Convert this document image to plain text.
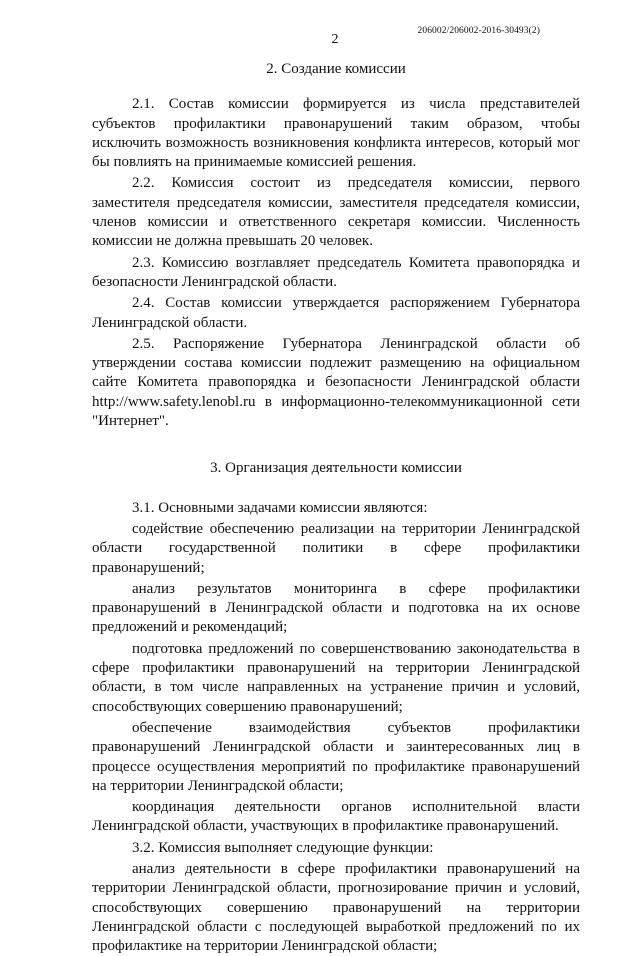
206002/206002-2016-30493(2)
2
2. Создание комиссии

2.1. Состав комиссии формируется из числа представителей субъектов профилактики правонарушений таким образом, чтобы исключить возможность возникновения конфликта интересов, который мог бы повлиять на принимаемые комиссией решения.

2.2. Комиссия состоит из председателя комиссии, первого заместителя председателя комиссии, заместителя председателя комиссии, членов комиссии и ответственного секретаря комиссии. Численность комиссии не должна превышать 20 человек.

2.3. Комиссию возглавляет председатель Комитета правопорядка и безопасности Ленинградской области.

2.4. Состав комиссии утверждается распоряжением Губернатора Ленинградской области.

2.5. Распоряжение Губернатора Ленинградской области об утверждении состава комиссии подлежит размещению на официальном сайте Комитета правопорядка и безопасности Ленинградской области http://www.safety.lenobl.ru в информационно-телекоммуникационной сети "Интернет".

3. Организация деятельности комиссии

3.1. Основными задачами комиссии являются:

содействие обеспечению реализации на территории Ленинградской области государственной политики в сфере профилактики правонарушений;

анализ результатов мониторинга в сфере профилактики правонарушений в Ленинградской области и подготовка на их основе предложений и рекомендаций;

подготовка предложений по совершенствованию законодательства в сфере профилактики правонарушений на территории Ленинградской области, в том числе направленных на устранение причин и условий, способствующих совершению правонарушений;

обеспечение взаимодействия субъектов профилактики правонарушений Ленинградской области и заинтересованных лиц в процессе осуществления мероприятий по профилактике правонарушений на территории Ленинградской области;

координация деятельности органов исполнительной власти Ленинградской области, участвующих в профилактике правонарушений.

3.2. Комиссия выполняет следующие функции:

анализ деятельности в сфере профилактики правонарушений на территории Ленинградской области, прогнозирование причин и условий, способствующих совершению правонарушений на территории Ленинградской области с последующей выработкой предложений по их профилактике на территории Ленинградской области;
